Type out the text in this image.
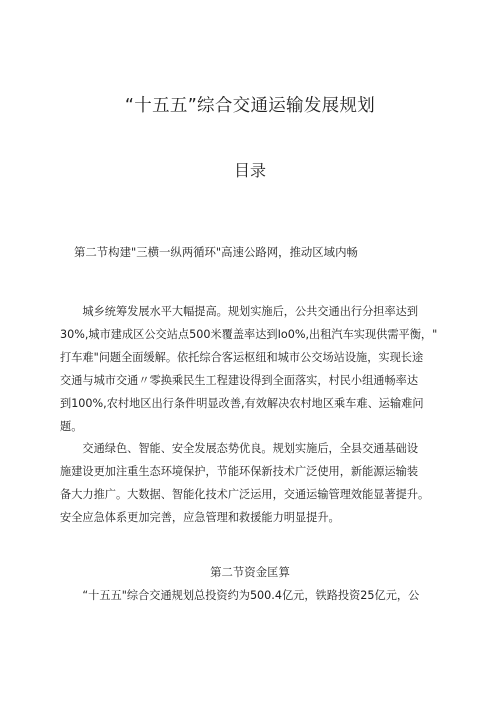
“十五五”综合交通运输发展规划
目录
第二节构建"三横一纵两循环"高速公路网，推动区域内畅
　　城乡统筹发展水平大幅提高。规划实施后，公共交通出行分担率达到
30%,城市建成区公交站点500米覆盖率达到Io0%,出租汽车实现供需平衡，"
打车难"问题全面缓解。依托综合客运枢纽和城市公交场站设施，实现长途
交通与城市交通〃零换乘民生工程建设得到全面落实，村民小组通畅率达
到100%,农村地区出行条件明显改善,有效解决农村地区乘车难、运输难问
题。
　　交通绿色、智能、安全发展态势优良。规划实施后，全县交通基础设
施建设更加注重生态环境保护，节能环保新技术广泛使用，新能源运输装
备大力推广。大数据、智能化技术广泛运用，交通运输管理效能显著提升。
安全应急体系更加完善，应急管理和救援能力明显提升。
第二节资金匡算
　　“十五五"综合交通规划总投资约为500.4亿元，铁路投资25亿元，公
